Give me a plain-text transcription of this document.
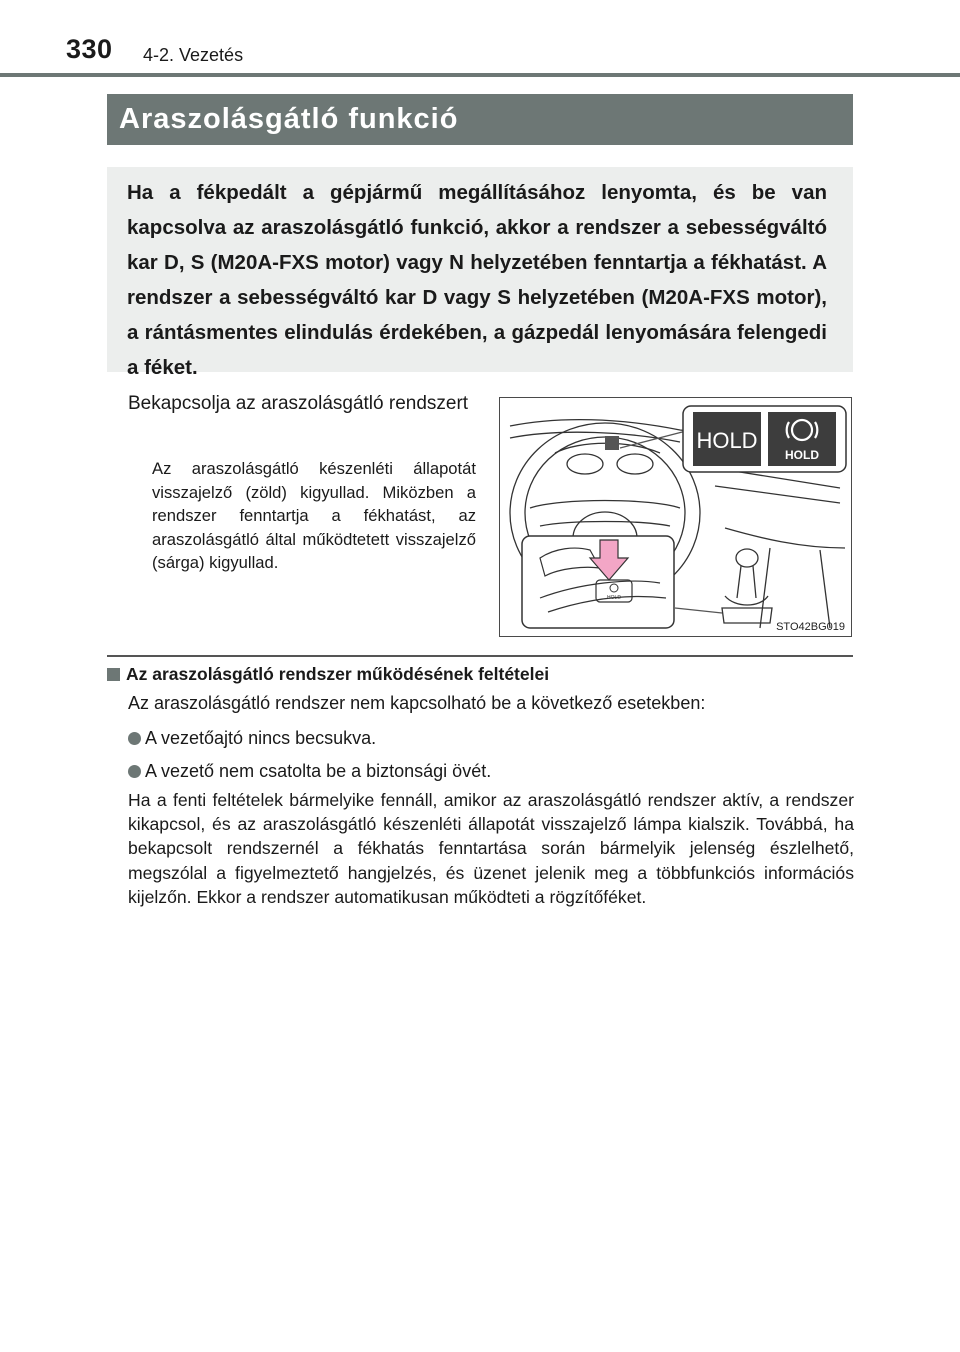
330 4-2. Vezetés
Araszolásgátló funkció

Ha a fékpedált a gépjármű megállításához lenyomta, és be van kapcsolva az araszolásgátló funkció, akkor a rendszer a sebességváltó kar D, S (M20A-FXS motor) vagy N helyzetében fenntartja a fékhatást. A rendszer a sebességváltó kar D vagy S helyzetében (M20A-FXS motor), a rántásmentes elindulás érdekében, a gázpedál lenyomására felengedi a féket.

Bekapcsolja az araszolásgátló rendszert

Az araszolásgátló készenléti állapotát visszajelző (zöld) kigyullad. Miközben a rendszer fenntartja a fékhatást, az araszolásgátló által működtetett visszajelző (sárga) kigyullad.

HOLD
HOLD
HOLD
STO42BG019
Az araszolásgátló rendszer működésének feltételei

Az araszolásgátló rendszer nem kapcsolható be a következő esetekben:

A vezetőajtó nincs becsukva.
A vezető nem csatolta be a biztonsági övét.

Ha a fenti feltételek bármelyike fennáll, amikor az araszolásgátló rendszer aktív, a rendszer kikapcsol, és az araszolásgátló készenléti állapotát visszajelző lámpa kialszik. Továbbá, ha bekapcsolt rendszernél a fékhatás fenntartása során bármelyik jelenség észlelhető, megszólal a figyelmeztető hangjelzés, és üzenet jelenik meg a többfunkciós információs kijelzőn. Ekkor a rendszer automatikusan működteti a rögzítőféket.
